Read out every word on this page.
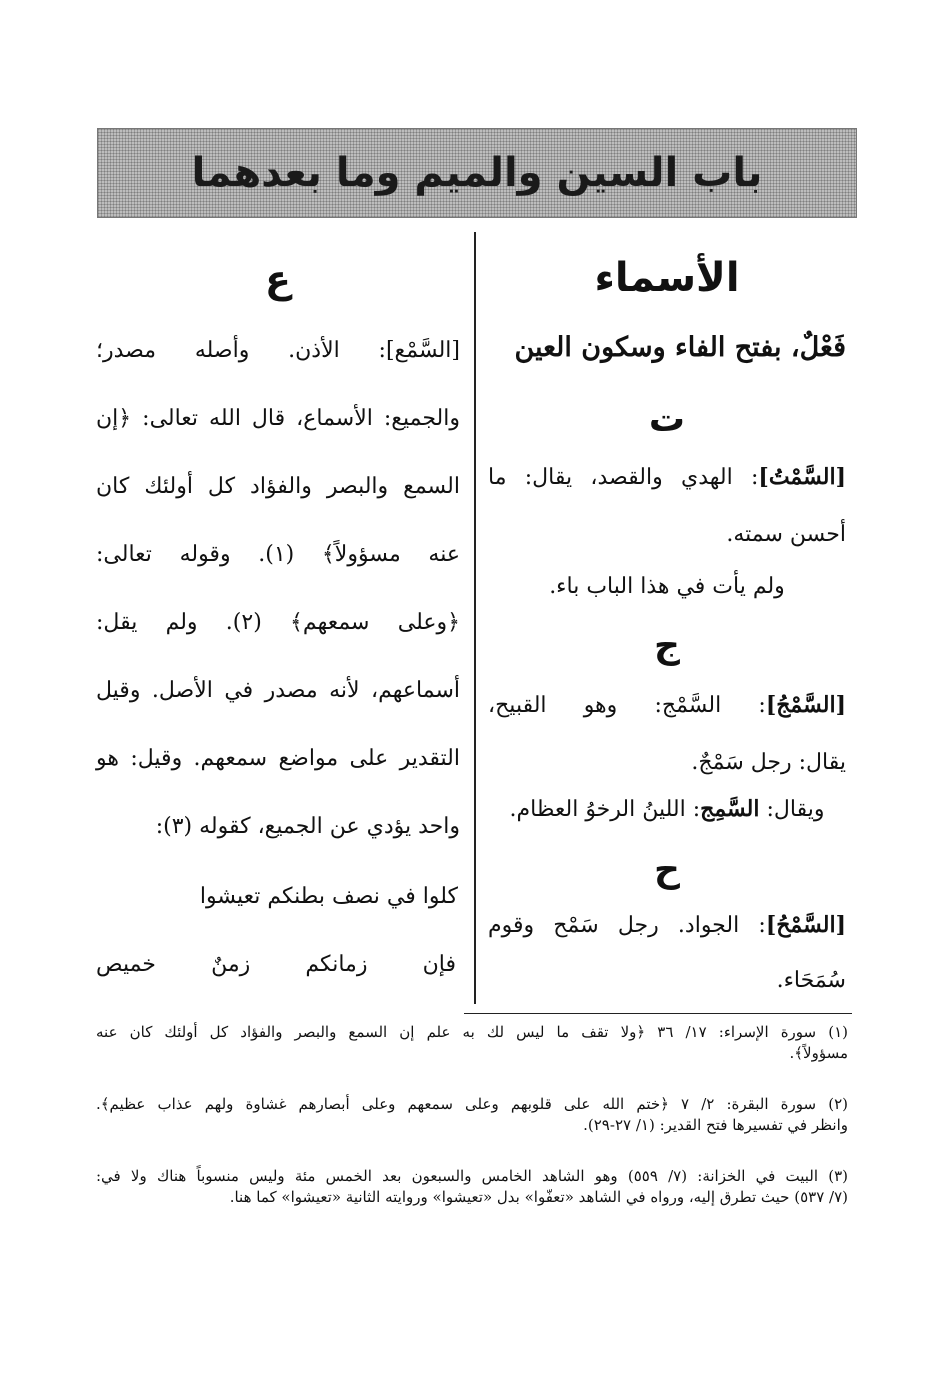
باب السين والميم وما بعدهما

الأسماء

فَعْلٌ، بفتح الفاء وسكون العين

ت

[السَّمْتُ]: الهدي والقصد، يقال: ما

أحسن سمته.

ولم يأت في هذا الباب باء.

ج

[السَّمْجُ]: السَّمْج: وهو القبيح،

يقال: رجل سَمْجٌ.

ويقال: السَّمِج: اللينُ الرخوُ العظام.

ح

[السَّمْحُ]: الجواد. رجل سَمْح وقوم

سُمَحَاء.

ع

[السَّمْع]: الأذن. وأصله مصدر؛

والجميع: الأسماع، قال الله تعالى: ﴿إن

السمع والبصر والفؤاد كل أولئك كان

عنه مسؤولاً﴾ (١). وقوله تعالى:

﴿وعلى سمعهم﴾ (٢). ولم يقل:

أسماعهم، لأنه مصدر في الأصل. وقيل

التقدير على مواضع سمعهم. وقيل: هو

واحد يؤدي عن الجميع، كقوله (٣):

كلوا في نصف بطنكم تعيشوا

فإن زمانكم زمنٌ خميص

(١) سورة الإسراء: ١٧/ ٣٦ ﴿ولا تقف ما ليس لك به علم إن السمع والبصر والفؤاد كل أولئك كان عنه

مسؤولاً﴾.

(٢) سورة البقرة: ٢/ ٧ ﴿ختم الله على قلوبهم وعلى سمعهم وعلى أبصارهم غشاوة ولهم عذاب عظيم﴾.

وانظر في تفسيرها فتح القدير: (١/ ٢٧-٢٩).

(٣) البيت في الخزانة: (٧/ ٥٥٩) وهو الشاهد الخامس والسبعون بعد الخمس مئة وليس منسوباً هناك ولا في:

(٧/ ٥٣٧) حيث تطرق إليه، ورواه في الشاهد «تعفّوا» بدل «تعيشوا» وروايته الثانية «تعيشوا» كما هنا.
